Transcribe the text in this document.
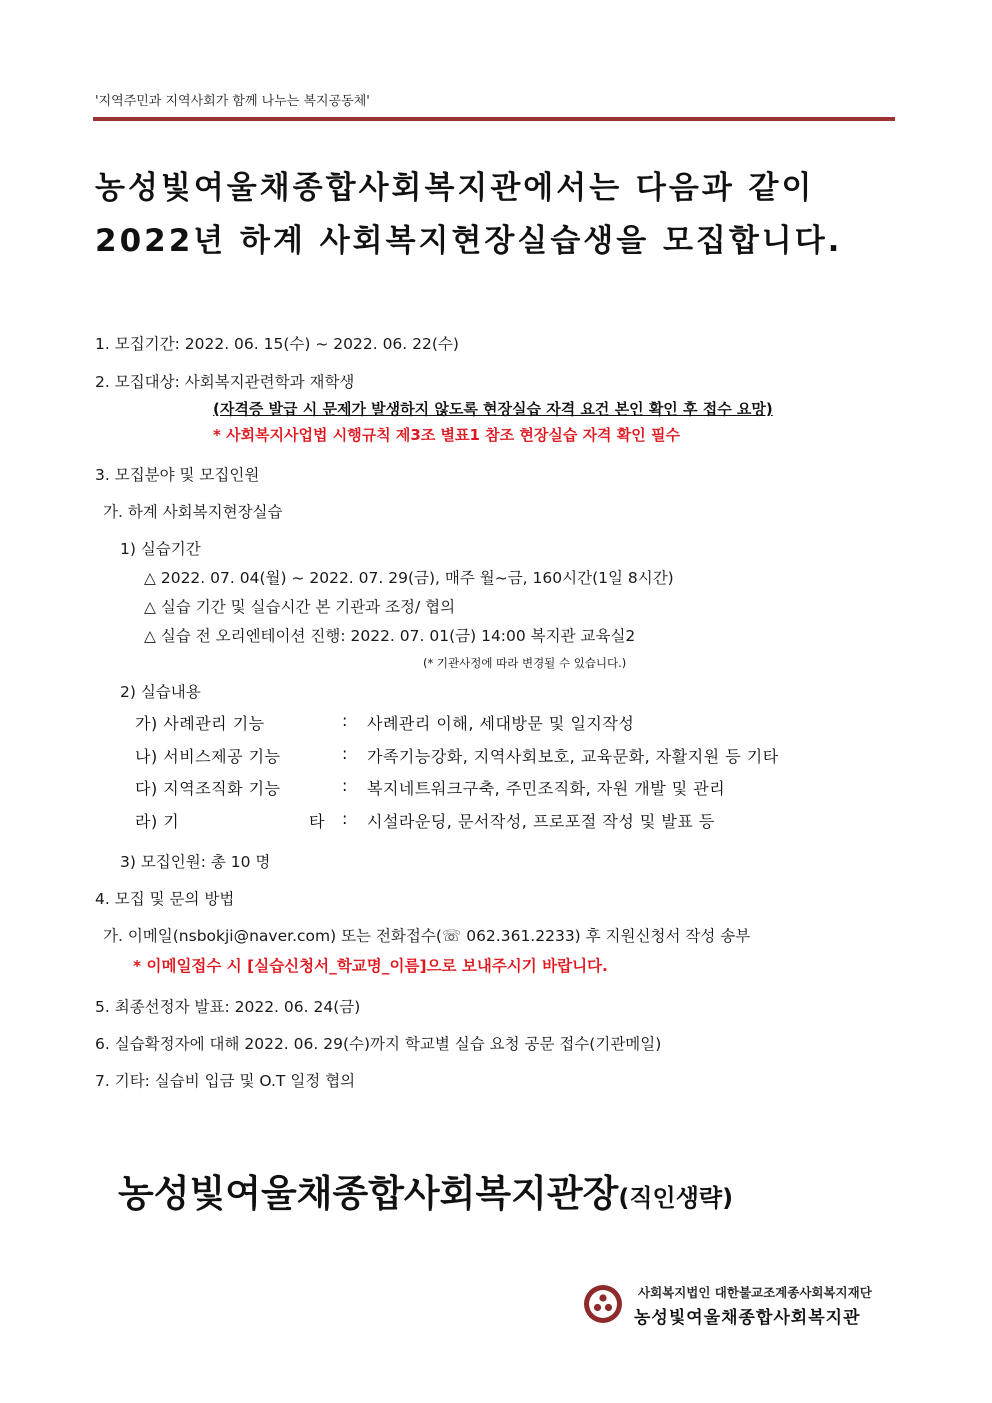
'지역주민과 지역사회가 함께 나누는 복지공동체'
농성빛여울채종합사회복지관에서는 다음과 같이
2022년 하계 사회복지현장실습생을 모집합니다.
1. 모집기간: 2022. 06. 15(수) ~ 2022. 06. 22(수)
2. 모집대상: 사회복지관련학과 재학생
(자격증 발급 시 문제가 발생하지 않도록 현장실습 자격 요건 본인 확인 후 접수 요망)
* 사회복지사업법 시행규칙 제3조 별표1 참조 현장실습 자격 확인 필수
3. 모집분야 및 모집인원
가. 하계 사회복지현장실습
1) 실습기간
△ 2022. 07. 04(월) ~ 2022. 07. 29(금), 매주 월~금, 160시간(1일 8시간)
△ 실습 기간 및 실습시간 본 기관과 조정/ 협의
△ 실습 전 오리엔테이션 진행: 2022. 07. 01(금) 14:00 복지관 교육실2
(* 기관사정에 따라 변경될 수 있습니다.)
2) 실습내용
가) 사례관리 기능	: 사례관리 이해, 세대방문 및 일지작성
나) 서비스제공 기능	: 가족기능강화, 지역사회보호, 교육문화, 자활지원 등 기타
다) 지역조직화 기능	: 복지네트워크구축, 주민조직화, 자원 개발 및 관리
라) 기	타 : 시설라운딩, 문서작성, 프로포절 작성 및 발표 등
3) 모집인원: 총 10 명
4. 모집 및 문의 방법
가. 이메일(nsbokji@naver.com) 또는 전화접수(☏ 062.361.2233) 후 지원신청서 작성 송부
* 이메일접수 시 [실습신청서_학교명_이름]으로 보내주시기 바랍니다.
5. 최종선정자 발표: 2022. 06. 24(금)
6. 실습확정자에 대해 2022. 06. 29(수)까지 학교별 실습 요청 공문 접수(기관메일)
7. 기타: 실습비 입금 및 O.T 일정 협의
농성빛여울채종합사회복지관장(직인생략)
사회복지법인 대한불교조계종사회복지재단
농성빛여울채종합사회복지관
